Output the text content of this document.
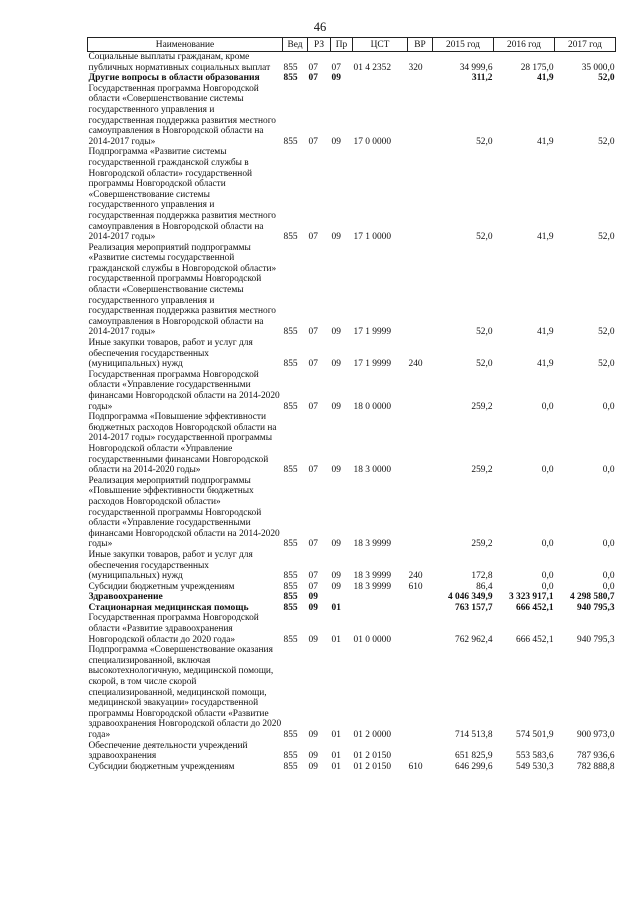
46
Наименование	Вед	РЗ	Пр	ЦСТ	ВР	2015 год	2016 год	2017 год
Социальные выплаты гражданам, кроме публичных нормативных социальных выплат	855	07	07	01 4 2352	320	34 999,6	28 175,0	35 000,0
Другие вопросы в области образования	855	07	09			311,2	41,9	52,0
Государственная программа Новгородской области «Совершенствование системы государственного управления и государственная поддержка развития местного самоуправления в Новгородской области на 2014-2017 годы»	855	07	09	17 0 0000		52,0	41,9	52,0
Подпрограмма «Развитие системы государственной гражданской службы в Новгородской области» государственной программы Новгородской области «Совершенствование системы государственного управления и государственная поддержка развития местного самоуправления в Новгородской области на 2014-2017 годы»	855	07	09	17 1 0000		52,0	41,9	52,0
Реализация мероприятий подпрограммы «Развитие системы государственной гражданской службы в Новгородской области» государственной программы Новгородской области «Совершенствование системы государственного управления и государственная поддержка развития местного самоуправления в Новгородской области на 2014-2017 годы»	855	07	09	17 1 9999		52,0	41,9	52,0
Иные закупки товаров, работ и услуг для обеспечения государственных (муниципальных) нужд	855	07	09	17 1 9999	240	52,0	41,9	52,0
Государственная программа Новгородской области «Управление государственными финансами Новгородской области на 2014-2020 годы»	855	07	09	18 0 0000		259,2	0,0	0,0
Подпрограмма «Повышение эффективности бюджетных расходов Новгородской области на 2014-2017 годы» государственной программы Новгородской области «Управление государственными финансами Новгородской области на 2014-2020 годы»	855	07	09	18 3 0000		259,2	0,0	0,0
Реализация мероприятий подпрограммы «Повышение эффективности бюджетных расходов Новгородской области» государственной программы Новгородской области «Управление государственными финансами Новгородской области на 2014-2020 годы»	855	07	09	18 3 9999		259,2	0,0	0,0
Иные закупки товаров, работ и услуг для обеспечения государственных (муниципальных) нужд	855	07	09	18 3 9999	240	172,8	0,0	0,0
Субсидии бюджетным учреждениям	855	07	09	18 3 9999	610	86,4	0,0	0,0
Здравоохранение	855	09				4 046 349,9	3 323 917,1	4 298 580,7
Стационарная медицинская помощь	855	09	01			763 157,7	666 452,1	940 795,3
Государственная программа Новгородской области «Развитие здравоохранения Новгородской области до 2020 года»	855	09	01	01 0 0000		762 962,4	666 452,1	940 795,3
Подпрограмма «Совершенствование оказания специализированной, включая высокотехнологичную, медицинской помощи, скорой, в том числе скорой специализированной, медицинской помощи, медицинской эвакуации» государственной программы Новгородской области «Развитие здравоохранения Новгородской области до 2020 года»	855	09	01	01 2 0000		714 513,8	574 501,9	900 973,0
Обеспечение деятельности учреждений здравоохранения	855	09	01	01 2 0150		651 825,9	553 583,6	787 936,6
Субсидии бюджетным учреждениям	855	09	01	01 2 0150	610	646 299,6	549 530,3	782 888,8
